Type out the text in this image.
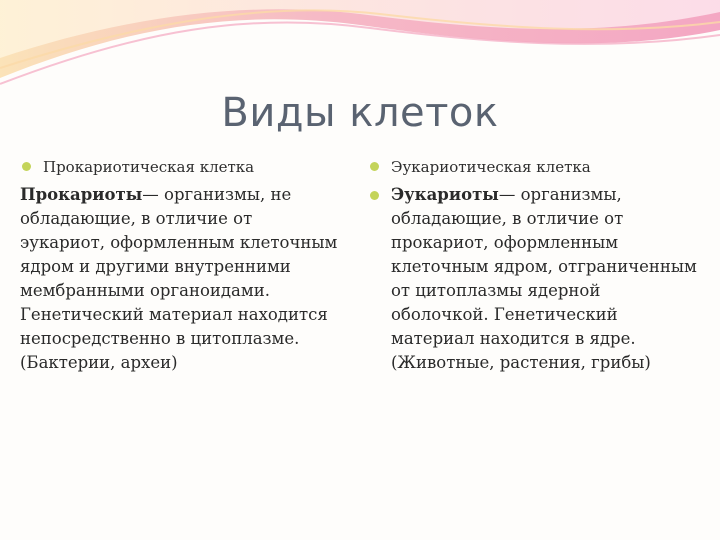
Виды клеток
Прокариотическая клетка
Прокариоты— организмы, не обладающие, в отличие от эукариот, оформленным клеточным ядром и другими внутренними мембранными органоидами. Генетический материал находится непосредственно в цитоплазме. (Бактерии, археи)
Эукариотическая клетка
Эукариоты— организмы, обладающие, в отличие от прокариот, оформленным клеточным ядром, отграниченным от цитоплазмы ядерной оболочкой. Генетический материал находится в ядре. (Животные, растения, грибы)
